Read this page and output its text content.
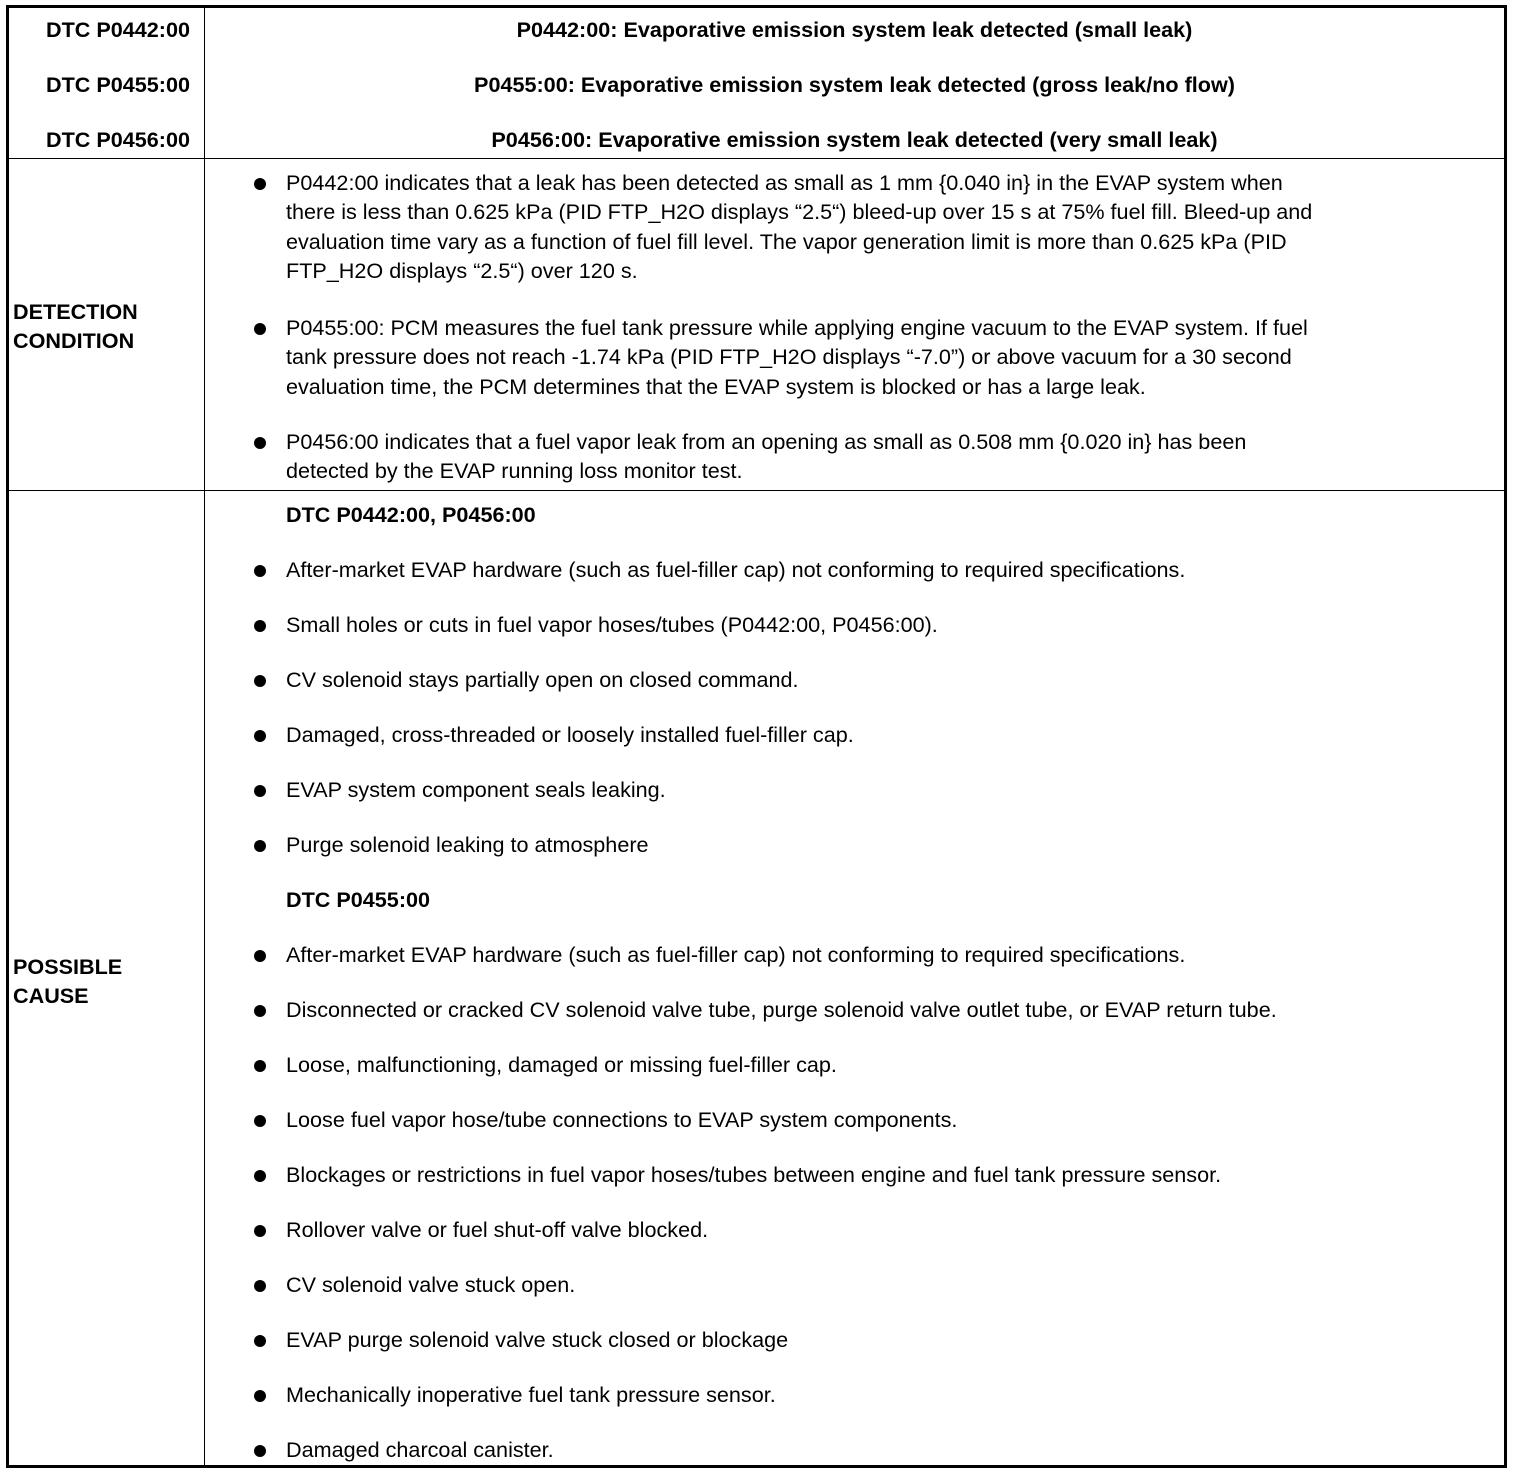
DTC P0442:00
DTC P0455:00
DTC P0456:00
P0442:00: Evaporative emission system leak detected (small leak)
P0455:00: Evaporative emission system leak detected (gross leak/no flow)
P0456:00: Evaporative emission system leak detected (very small leak)
DETECTION
CONDITION
P0442:00 indicates that a leak has been detected as small as 1 mm {0.040 in} in the EVAP system when
there is less than 0.625 kPa (PID FTP_H2O displays “2.5“) bleed-up over 15 s at 75% fuel fill. Bleed-up and
evaluation time vary as a function of fuel fill level. The vapor generation limit is more than 0.625 kPa (PID
FTP_H2O displays “2.5“) over 120 s.
P0455:00: PCM measures the fuel tank pressure while applying engine vacuum to the EVAP system. If fuel
tank pressure does not reach -1.74 kPa (PID FTP_H2O displays “-7.0”) or above vacuum for a 30 second
evaluation time, the PCM determines that the EVAP system is blocked or has a large leak.
P0456:00 indicates that a fuel vapor leak from an opening as small as 0.508 mm {0.020 in} has been
detected by the EVAP running loss monitor test.
POSSIBLE
CAUSE
DTC P0442:00, P0456:00
After-market EVAP hardware (such as fuel-filler cap) not conforming to required specifications.
Small holes or cuts in fuel vapor hoses/tubes (P0442:00, P0456:00).
CV solenoid stays partially open on closed command.
Damaged, cross-threaded or loosely installed fuel-filler cap.
EVAP system component seals leaking.
Purge solenoid leaking to atmosphere
DTC P0455:00
After-market EVAP hardware (such as fuel-filler cap) not conforming to required specifications.
Disconnected or cracked CV solenoid valve tube, purge solenoid valve outlet tube, or EVAP return tube.
Loose, malfunctioning, damaged or missing fuel-filler cap.
Loose fuel vapor hose/tube connections to EVAP system components.
Blockages or restrictions in fuel vapor hoses/tubes between engine and fuel tank pressure sensor.
Rollover valve or fuel shut-off valve blocked.
CV solenoid valve stuck open.
EVAP purge solenoid valve stuck closed or blockage
Mechanically inoperative fuel tank pressure sensor.
Damaged charcoal canister.
